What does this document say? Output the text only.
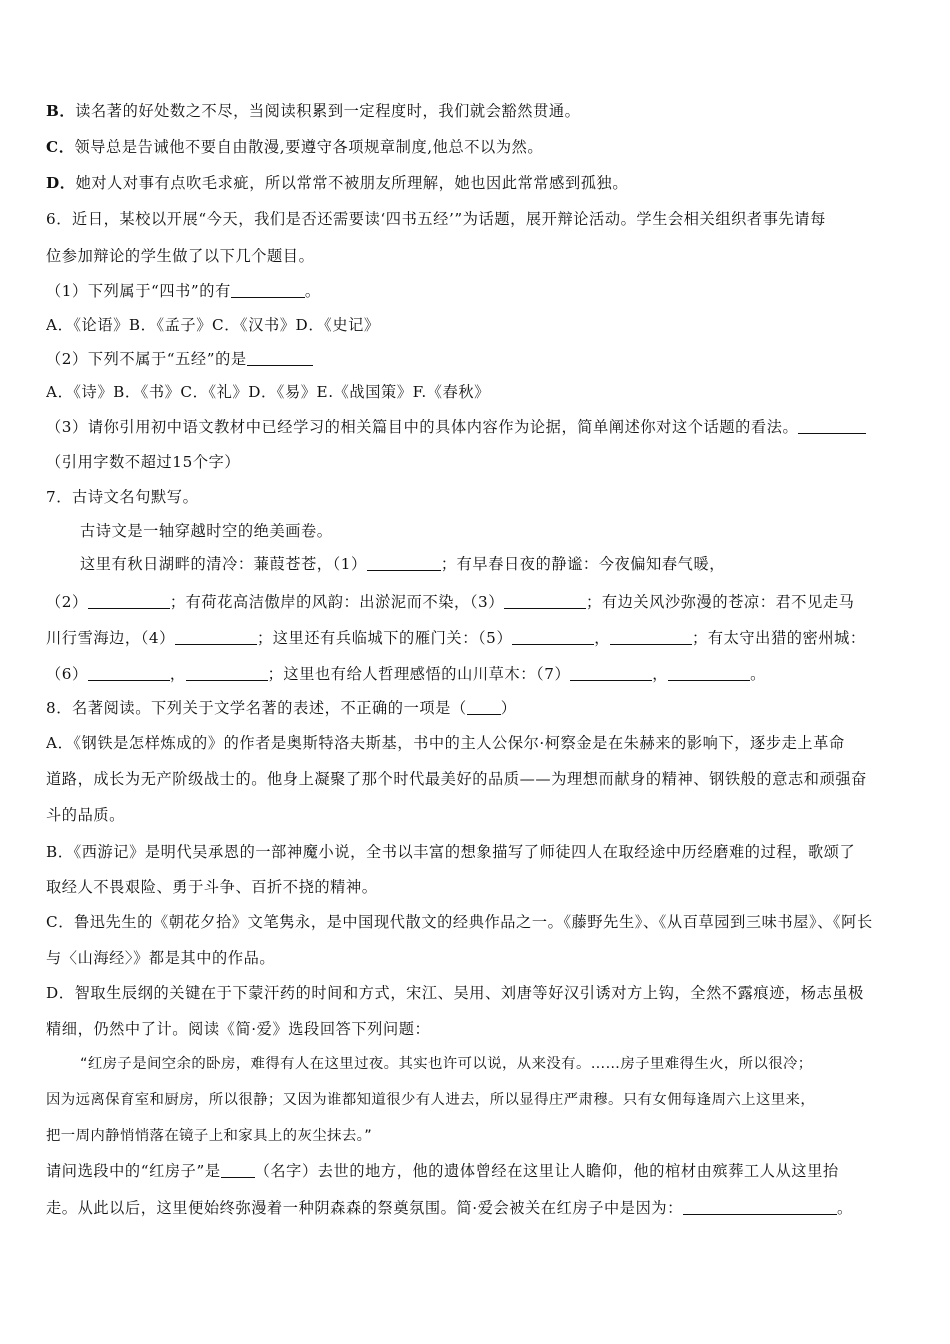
B．读名著的好处数之不尽，当阅读积累到一定程度时，我们就会豁然贯通。
C．领导总是告诫他不要自由散漫,要遵守各项规章制度,他总不以为然。
D．她对人对事有点吹毛求疵，所以常常不被朋友所理解，她也因此常常感到孤独。
6．近日，某校以开展“今天，我们是否还需要读‘四书五经’”为话题，展开辩论活动。学生会相关组织者事先请每
位参加辩论的学生做了以下几个题目。
（1）下列属于“四书”的有	。
A．《论语》B．《孟子》C．《汉书》D．《史记》
（2）下列不属于“五经”的是
A．《诗》B．《书》C．《礼》D．《易》E.《战国策》F.《春秋》
（3）请你引用初中语文教材中已经学习的相关篇目中的具体内容作为论据，简单阐述你对这个话题的看法。
（引用字数不超过15个字）
7．古诗文名句默写。
古诗文是一轴穿越时空的绝美画卷。
这里有秋日湖畔的清冷：蒹葭苍苍，（1）	；有早春日夜的静谧：今夜偏知春气暖，
（2）	；有荷花高洁傲岸的风韵：出淤泥而不染，（3）	；有边关风沙弥漫的苍凉：君不见走马
川行雪海边，（4）	；这里还有兵临城下的雁门关：（5）	，	；有太守出猎的密州城：
（6）	，	；这里也有给人哲理感悟的山川草木：（7）	，	。
8．名著阅读。下列关于文学名著的表述，不正确的一项是（ ）
A．《钢铁是怎样炼成的》的作者是奥斯特洛夫斯基，书中的主人公保尔·柯察金是在朱赫来的影响下，逐步走上革命
道路，成长为无产阶级战士的。他身上凝聚了那个时代最美好的品质——为理想而献身的精神、钢铁般的意志和顽强奋
斗的品质。
B．《西游记》是明代吴承恩的一部神魔小说，全书以丰富的想象描写了师徒四人在取经途中历经磨难的过程，歌颂了
取经人不畏艰险、勇于斗争、百折不挠的精神。
C．鲁迅先生的《朝花夕拾》文笔隽永，是中国现代散文的经典作品之一。《藤野先生》、《从百草园到三味书屋》、《阿长
与〈山海经〉》都是其中的作品。
D．智取生辰纲的关键在于下蒙汗药的时间和方式，宋江、吴用、刘唐等好汉引诱对方上钩，全然不露痕迹，杨志虽极
精细，仍然中了计。阅读《简·爱》选段回答下列问题：
“红房子是间空余的卧房，难得有人在这里过夜。其实也许可以说，从来没有。……房子里难得生火，所以很冷；
因为远离保育室和厨房，所以很静；又因为谁都知道很少有人进去，所以显得庄严肃穆。只有女佣每逢周六上这里来，
把一周内静悄悄落在镜子上和家具上的灰尘抹去。”
请问选段中的“红房子”是 （名字）去世的地方，他的遗体曾经在这里让人瞻仰，他的棺材由殡葬工人从这里抬
走。从此以后，这里便始终弥漫着一种阴森森的祭奠氛围。简·爱会被关在红房子中是因为：	。
